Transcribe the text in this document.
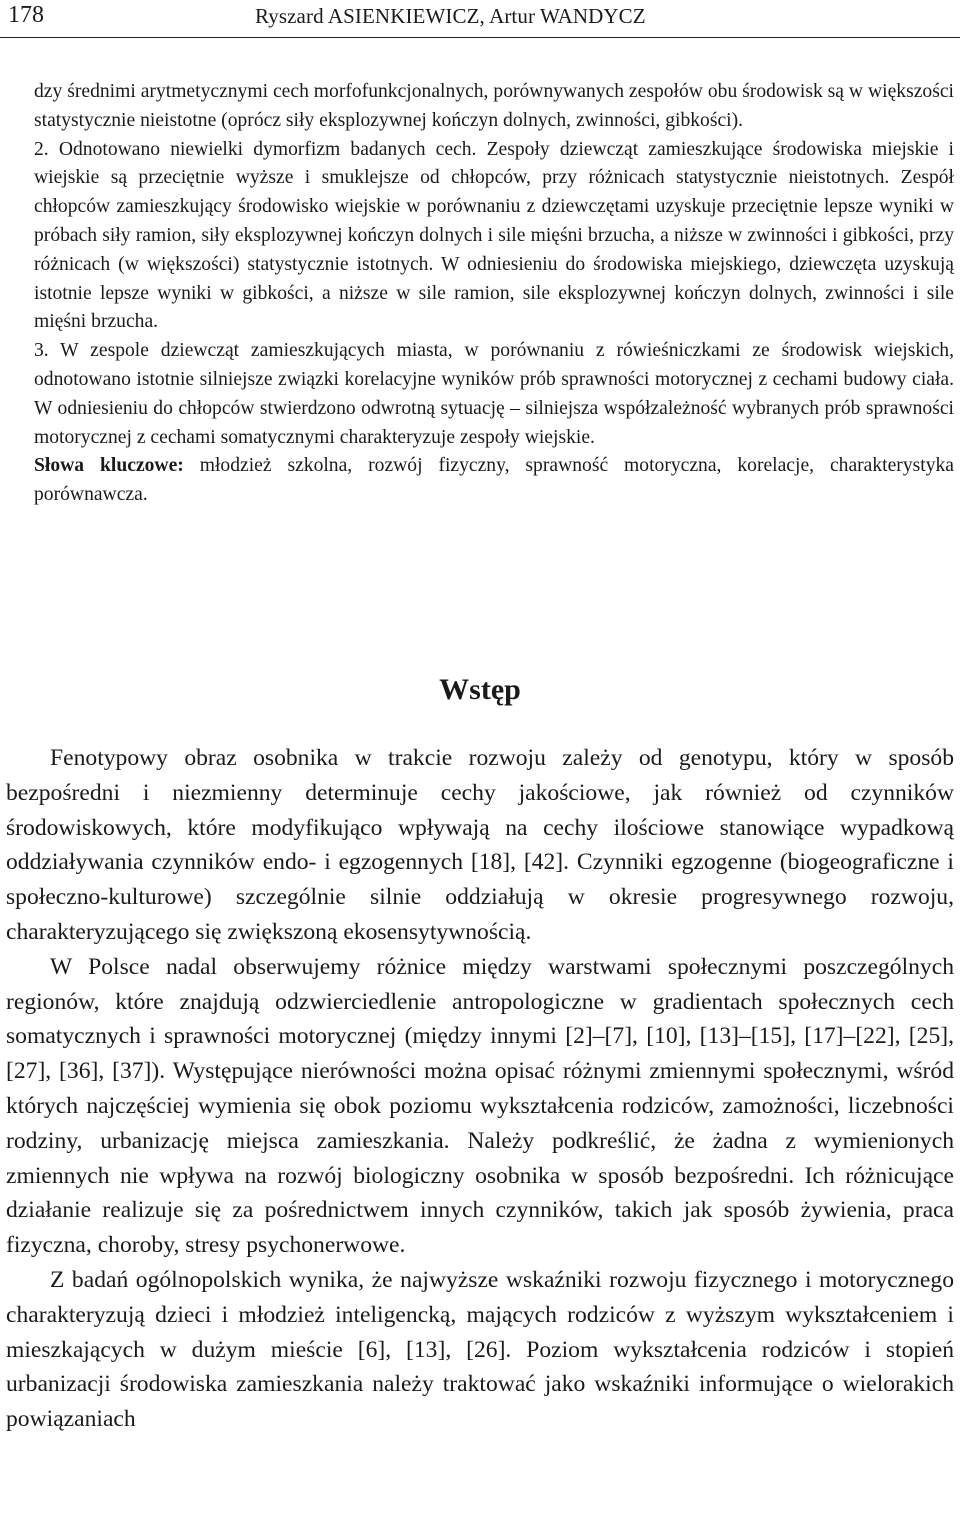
178	Ryszard ASIENKIEWICZ, Artur WANDYCZ

dzy średnimi arytmetycznymi cech morfofunkcjonalnych, porównywanych zespołów obu środowisk są w większości statystycznie nieistotne (oprócz siły eksplozywnej kończyn dolnych, zwinności, gibkości).

2. Odnotowano niewielki dymorfizm badanych cech. Zespoły dziewcząt zamieszkujące środowiska miejskie i wiejskie są przeciętnie wyższe i smuklejsze od chłopców, przy różnicach statystycznie nieistotnych. Zespół chłopców zamieszkujący środowisko wiejskie w porównaniu z dziewczętami uzyskuje przeciętnie lepsze wyniki w próbach siły ramion, siły eksplozywnej kończyn dolnych i sile mięśni brzucha, a niższe w zwinności i gibkości, przy różnicach (w większości) statystycznie istotnych. W odniesieniu do środowiska miejskiego, dziewczęta uzyskują istotnie lepsze wyniki w gibkości, a niższe w sile ramion, sile eksplozywnej kończyn dolnych, zwinności i sile mięśni brzucha.

3. W zespole dziewcząt zamieszkujących miasta, w porównaniu z rówieśniczkami ze środowisk wiejskich, odnotowano istotnie silniejsze związki korelacyjne wyników prób sprawności motorycznej z cechami budowy ciała. W odniesieniu do chłopców stwierdzono odwrotną sytuację – silniejsza współzależność wybranych prób sprawności motorycznej z cechami somatycznymi charakteryzuje zespoły wiejskie.

Słowa kluczowe: młodzież szkolna, rozwój fizyczny, sprawność motoryczna, korelacje, charakterystyka porównawcza.

Wstęp

Fenotypowy obraz osobnika w trakcie rozwoju zależy od genotypu, który w sposób bezpośredni i niezmienny determinuje cechy jakościowe, jak również od czynników środowiskowych, które modyfikująco wpływają na cechy ilościowe stanowiące wypadkową oddziaływania czynników endo- i egzogennych [18], [42]. Czynniki egzogenne (biogeograficzne i społeczno-kulturowe) szczególnie silnie oddziałują w okresie progresywnego rozwoju, charakteryzującego się zwiększoną ekosensytywnością.

W Polsce nadal obserwujemy różnice między warstwami społecznymi poszczególnych regionów, które znajdują odzwierciedlenie antropologiczne w gradientach społecznych cech somatycznych i sprawności motorycznej (między innymi [2]–[7], [10], [13]–[15], [17]–[22], [25], [27], [36], [37]). Występujące nierówności można opisać różnymi zmiennymi społecznymi, wśród których najczęściej wymienia się obok poziomu wykształcenia rodziców, zamożności, liczebności rodziny, urbanizację miejsca zamieszkania. Należy podkreślić, że żadna z wymienionych zmiennych nie wpływa na rozwój biologiczny osobnika w sposób bezpośredni. Ich różnicujące działanie realizuje się za pośrednictwem innych czynników, takich jak sposób żywienia, praca fizyczna, choroby, stresy psychonerwowe.

Z badań ogólnopolskich wynika, że najwyższe wskaźniki rozwoju fizycznego i motorycznego charakteryzują dzieci i młodzież inteligencką, mających rodziców z wyższym wykształceniem i mieszkających w dużym mieście [6], [13], [26]. Poziom wykształcenia rodziców i stopień urbanizacji środowiska zamieszkania należy traktować jako wskaźniki informujące o wielorakich powiązaniach
